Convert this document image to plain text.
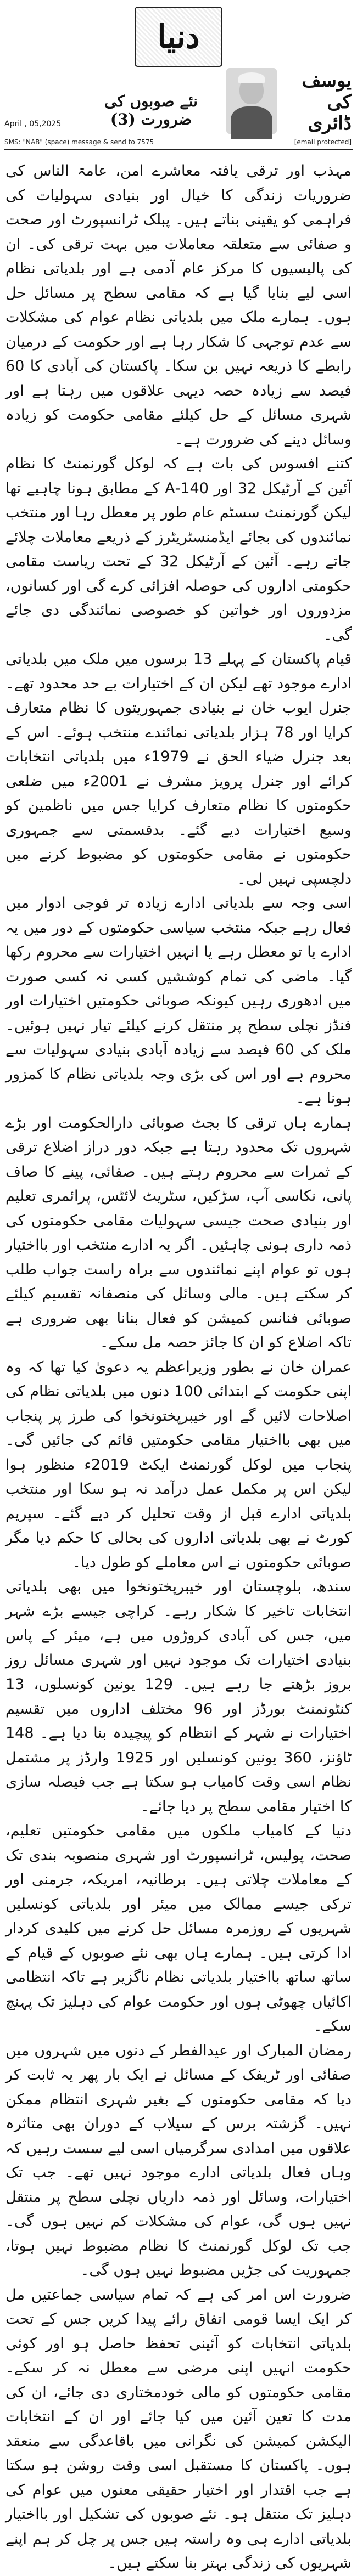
دنیا
یوسف
کی ڈائری
نئے صوبوں کی ضرورت (3)
April , 05,2025
SMS: "NAB" (space) message & send to 7575	[email protected]

مہذب اور ترقی یافتہ معاشرے امن، عامۃ الناس کی ضروریات زندگی کا خیال اور بنیادی سہولیات کی فراہمی کو یقینی بناتے ہیں۔ پبلک ٹرانسپورٹ اور صحت و صفائی سے متعلقہ معاملات میں بہت ترقی کی۔ ان کی پالیسیوں کا مرکز عام آدمی ہے اور بلدیاتی نظام اسی لیے بنایا گیا ہے کہ مقامی سطح پر مسائل حل ہوں۔ ہمارے ملک میں بلدیاتی نظام عوام کی مشکلات سے عدم توجہی کا شکار رہا ہے اور حکومت کے درمیان رابطے کا ذریعہ نہیں بن سکا۔ پاکستان کی آبادی کا 60 فیصد سے زیادہ حصہ دیہی علاقوں میں رہتا ہے اور شہری مسائل کے حل کیلئے مقامی حکومت کو زیادہ وسائل دینے کی ضرورت ہے۔

کتنے افسوس کی بات ہے کہ لوکل گورنمنٹ کا نظام آئین کے آرٹیکل 32 اور 140-A کے مطابق ہونا چاہیے تھا لیکن گورنمنٹ سسٹم عام طور پر معطل رہا اور منتخب نمائندوں کی بجائے ایڈمنسٹریٹرز کے ذریعے معاملات چلائے جاتے رہے۔ آئین کے آرٹیکل 32 کے تحت ریاست مقامی حکومتی اداروں کی حوصلہ افزائی کرے گی اور کسانوں، مزدوروں اور خواتین کو خصوصی نمائندگی دی جائے گی۔

قیام پاکستان کے پہلے 13 برسوں میں ملک میں بلدیاتی ادارے موجود تھے لیکن ان کے اختیارات بے حد محدود تھے۔ جنرل ایوب خان نے بنیادی جمہوریتوں کا نظام متعارف کرایا اور 78 ہزار بلدیاتی نمائندے منتخب ہوئے۔ اس کے بعد جنرل ضیاء الحق نے 1979ء میں بلدیاتی انتخابات کرائے اور جنرل پرویز مشرف نے 2001ء میں ضلعی حکومتوں کا نظام متعارف کرایا جس میں ناظمین کو وسیع اختیارات دیے گئے۔ بدقسمتی سے جمہوری حکومتوں نے مقامی حکومتوں کو مضبوط کرنے میں دلچسپی نہیں لی۔

اسی وجہ سے بلدیاتی ادارے زیادہ تر فوجی ادوار میں فعال رہے جبکہ منتخب سیاسی حکومتوں کے دور میں یہ ادارے یا تو معطل رہے یا انہیں اختیارات سے محروم رکھا گیا۔ ماضی کی تمام کوششیں کسی نہ کسی صورت میں ادھوری رہیں کیونکہ صوبائی حکومتیں اختیارات اور فنڈز نچلی سطح پر منتقل کرنے کیلئے تیار نہیں ہوئیں۔ ملک کی 60 فیصد سے زیادہ آبادی بنیادی سہولیات سے محروم ہے اور اس کی بڑی وجہ بلدیاتی نظام کا کمزور ہونا ہے۔

ہمارے ہاں ترقی کا بجٹ صوبائی دارالحکومت اور بڑے شہروں تک محدود رہتا ہے جبکہ دور دراز اضلاع ترقی کے ثمرات سے محروم رہتے ہیں۔ صفائی، پینے کا صاف پانی، نکاسی آب، سڑکیں، سٹریٹ لائٹس، پرائمری تعلیم اور بنیادی صحت جیسی سہولیات مقامی حکومتوں کی ذمہ داری ہونی چاہئیں۔ اگر یہ ادارے منتخب اور بااختیار ہوں تو عوام اپنے نمائندوں سے براہ راست جواب طلب کر سکتے ہیں۔ مالی وسائل کی منصفانہ تقسیم کیلئے صوبائی فنانس کمیشن کو فعال بنانا بھی ضروری ہے تاکہ اضلاع کو ان کا جائز حصہ مل سکے۔

عمران خان نے بطور وزیراعظم یہ دعویٰ کیا تھا کہ وہ اپنی حکومت کے ابتدائی 100 دنوں میں بلدیاتی نظام کی اصلاحات لائیں گے اور خیبرپختونخوا کی طرز پر پنجاب میں بھی بااختیار مقامی حکومتیں قائم کی جائیں گی۔ پنجاب میں لوکل گورنمنٹ ایکٹ 2019ء منظور ہوا لیکن اس پر مکمل عمل درآمد نہ ہو سکا اور منتخب بلدیاتی ادارے قبل از وقت تحلیل کر دیے گئے۔ سپریم کورٹ نے بھی بلدیاتی اداروں کی بحالی کا حکم دیا مگر صوبائی حکومتوں نے اس معاملے کو طول دیا۔

سندھ، بلوچستان اور خیبرپختونخوا میں بھی بلدیاتی انتخابات تاخیر کا شکار رہے۔ کراچی جیسے بڑے شہر میں، جس کی آبادی کروڑوں میں ہے، میئر کے پاس بنیادی اختیارات تک موجود نہیں اور شہری مسائل روز بروز بڑھتے جا رہے ہیں۔ 129 یونین کونسلوں، 13 کنٹونمنٹ بورڈز اور 96 مختلف اداروں میں تقسیم اختیارات نے شہر کے انتظام کو پیچیدہ بنا دیا ہے۔ 148 ٹاؤنز، 360 یونین کونسلیں اور 1925 وارڈز پر مشتمل نظام اسی وقت کامیاب ہو سکتا ہے جب فیصلہ سازی کا اختیار مقامی سطح پر دیا جائے۔

دنیا کے کامیاب ملکوں میں مقامی حکومتیں تعلیم، صحت، پولیس، ٹرانسپورٹ اور شہری منصوبہ بندی تک کے معاملات چلاتی ہیں۔ برطانیہ، امریکہ، جرمنی اور ترکی جیسے ممالک میں میئر اور بلدیاتی کونسلیں شہریوں کے روزمرہ مسائل حل کرنے میں کلیدی کردار ادا کرتی ہیں۔ ہمارے ہاں بھی نئے صوبوں کے قیام کے ساتھ ساتھ بااختیار بلدیاتی نظام ناگزیر ہے تاکہ انتظامی اکائیاں چھوٹی ہوں اور حکومت عوام کی دہلیز تک پہنچ سکے۔

رمضان المبارک اور عیدالفطر کے دنوں میں شہروں میں صفائی اور ٹریفک کے مسائل نے ایک بار پھر یہ ثابت کر دیا کہ مقامی حکومتوں کے بغیر شہری انتظام ممکن نہیں۔ گزشتہ برس کے سیلاب کے دوران بھی متاثرہ علاقوں میں امدادی سرگرمیاں اسی لیے سست رہیں کہ وہاں فعال بلدیاتی ادارے موجود نہیں تھے۔ جب تک اختیارات، وسائل اور ذمہ داریاں نچلی سطح پر منتقل نہیں ہوں گی، عوام کی مشکلات کم نہیں ہوں گی۔ جب تک لوکل گورنمنٹ کا نظام مضبوط نہیں ہوتا، جمہوریت کی جڑیں مضبوط نہیں ہوں گی۔

ضرورت اس امر کی ہے کہ تمام سیاسی جماعتیں مل کر ایک ایسا قومی اتفاق رائے پیدا کریں جس کے تحت بلدیاتی انتخابات کو آئینی تحفظ حاصل ہو اور کوئی حکومت انہیں اپنی مرضی سے معطل نہ کر سکے۔ مقامی حکومتوں کو مالی خودمختاری دی جائے، ان کی مدت کا تعین آئین میں کیا جائے اور ان کے انتخابات الیکشن کمیشن کی نگرانی میں باقاعدگی سے منعقد ہوں۔ پاکستان کا مستقبل اسی وقت روشن ہو سکتا ہے جب اقتدار اور اختیار حقیقی معنوں میں عوام کی دہلیز تک منتقل ہو۔ نئے صوبوں کی تشکیل اور بااختیار بلدیاتی ادارے ہی وہ راستہ ہیں جس پر چل کر ہم اپنے شہریوں کی زندگی بہتر بنا سکتے ہیں۔
